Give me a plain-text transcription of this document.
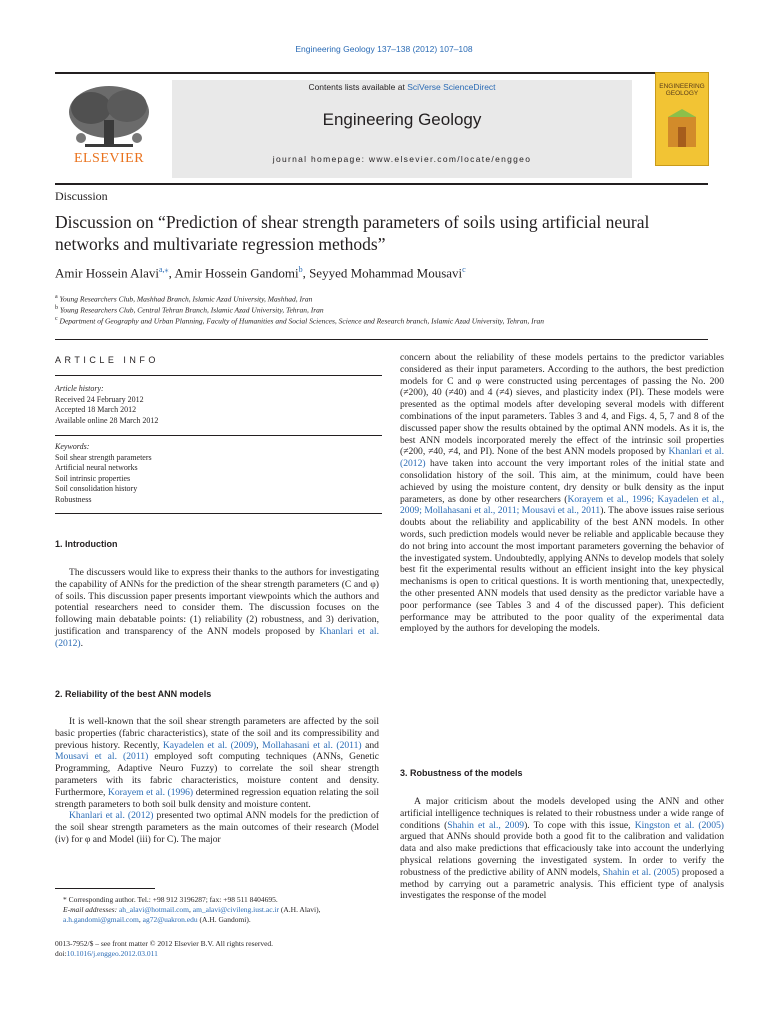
Engineering Geology 137–138 (2012) 107–108
Contents lists available at SciVerse ScienceDirect
Engineering Geology
journal homepage: www.elsevier.com/locate/enggeo
ELSEVIER
ENGINEERING
GEOLOGY
Discussion
Discussion on “Prediction of shear strength parameters of soils using artificial neural
networks and multivariate regression methods”
Amir Hossein Alavi$^{a,⁎}$, Amir Hossein Gandomi$^b$, Seyyed Mohammad Mousavi$^c$
$^a$ Young Researchers Club, Mashhad Branch, Islamic Azad University, Mashhad, Iran
$^b$ Young Researchers Club, Central Tehran Branch, Islamic Azad University, Tehran, Iran
$^c$ Department of Geography and Urban Planning, Faculty of Humanities and Social Sciences, Science and Research branch, Islamic Azad University, Tehran, Iran
ARTICLE INFO
Article history:
Received 24 February 2012
Accepted 18 March 2012
Available online 28 March 2012
Keywords:
Soil shear strength parameters
Artificial neural networks
Soil intrinsic properties
Soil consolidation history
Robustness
1. Introduction

The discussers would like to express their thanks to the authors for investigating the capability of ANNs for the prediction of the shear strength parameters (C and φ) of soils. This discussion paper presents important viewpoints which the authors and potential researchers need to consider them. The discussion focuses on the following main debatable points: (1) reliability (2) robustness, and 3) derivation, justification and transparency of the ANN models proposed by Khanlari et al. (2012).

2. Reliability of the best ANN models

It is well-known that the soil shear strength parameters are affected by the soil basic properties (fabric characteristics), state of the soil and its compressibility and previous history. Recently, Kayadelen et al. (2009), Mollahasani et al. (2011) and Mousavi et al. (2011) employed soft computing techniques (ANNs, Genetic Programming, Adaptive Neuro Fuzzy) to correlate the soil shear strength parameters with its fabric characteristics, moisture content and density. Furthermore, Korayem et al. (1996) determined regression equation relating the soil strength parameters to both soil bulk density and moisture content.

Khanlari et al. (2012) presented two optimal ANN models for the prediction of the soil shear strength parameters as the main outcomes of their research (Model (iv) for φ and Model (iii) for C). The major

* Corresponding author. Tel.: +98 912 3196287; fax: +98 511 8404695.
E-mail addresses: ah_alavi@hotmail.com, am_alavi@civileng.iust.ac.ir (A.H. Alavi),
a.h.gandomi@gmail.com, ag72@uakron.edu (A.H. Gandomi).
0013-7952/$ – see front matter © 2012 Elsevier B.V. All rights reserved.
doi:10.1016/j.enggeo.2012.03.011

concern about the reliability of these models pertains to the predictor variables considered as their input parameters. According to the authors, the best prediction models for C and φ were constructed using percentages of passing the No. 200 (≠200), 40 (≠40) and 4 (≠4) sieves, and plasticity index (PI). These models were presented as the optimal models after developing several models with different combinations of the input parameters. Tables 3 and 4, and Figs. 4, 5, 7 and 8 of the discussed paper show the results obtained by the optimal ANN models. As it is, the best ANN models incorporated merely the effect of the intrinsic soil properties (≠200, ≠40, ≠4, and PI). None of the best ANN models proposed by Khanlari et al. (2012) have taken into account the very important roles of the initial state and consolidation history of the soil. This aim, at the minimum, could have been achieved by using the moisture content, dry density or bulk density as the input parameters, as done by other researchers (Korayem et al., 1996; Kayadelen et al., 2009; Mollahasani et al., 2011; Mousavi et al., 2011). The above issues raise serious doubts about the reliability and applicability of the best ANN models. In other words, such prediction models would never be reliable and applicable because they do not bring into account the most important parameters governing the behavior of the investigated system. Undoubtedly, applying ANNs to develop models that solely best fit the experimental results without an efficient insight into the key physical mechanisms is open to critical questions. It is worth mentioning that, unexpectedly, the other presented ANN models that used density as the predictor variable have a poor performance (see Tables 3 and 4 of the discussed paper). This deficient performance may be attributed to the poor quality of the experimental data employed by the authors for developing the models.

3. Robustness of the models

A major criticism about the models developed using the ANN and other artificial intelligence techniques is related to their robustness under a wide range of conditions (Shahin et al., 2009). To cope with this issue, Kingston et al. (2005) argued that ANNs should provide both a good fit to the calibration and validation data and also make predictions that efficaciously take into account the underlying physical relations governing the investigated system. In order to verify the robustness of the predictive ability of ANN models, Shahin et al. (2005) proposed a method by carrying out a parametric analysis. This efficient type of analysis investigates the response of the model
